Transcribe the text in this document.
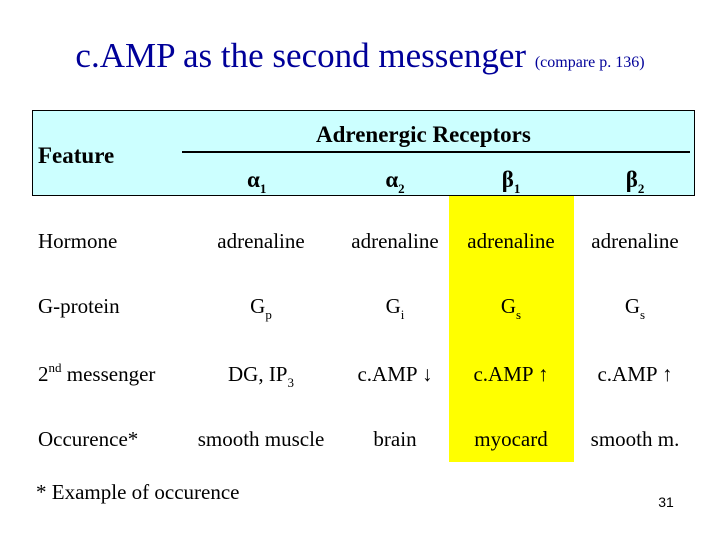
c.AMP as the second messenger (compare p. 136)
Feature
Adrenergic Receptors
$\alpha_1$	$\alpha_2$	$\beta_1$	$\beta_2$
Hormone	adrenaline	adrenaline	adrenaline	adrenaline
G-protein	$G_p$	$G_i$	$G_s$	$G_s$
2nd messenger	DG, $IP_3$	c.AMP ↓	c.AMP ↑	c.AMP ↑
Occurence*	smooth muscle	brain	myocard	smooth m.
* Example of occurence	31
